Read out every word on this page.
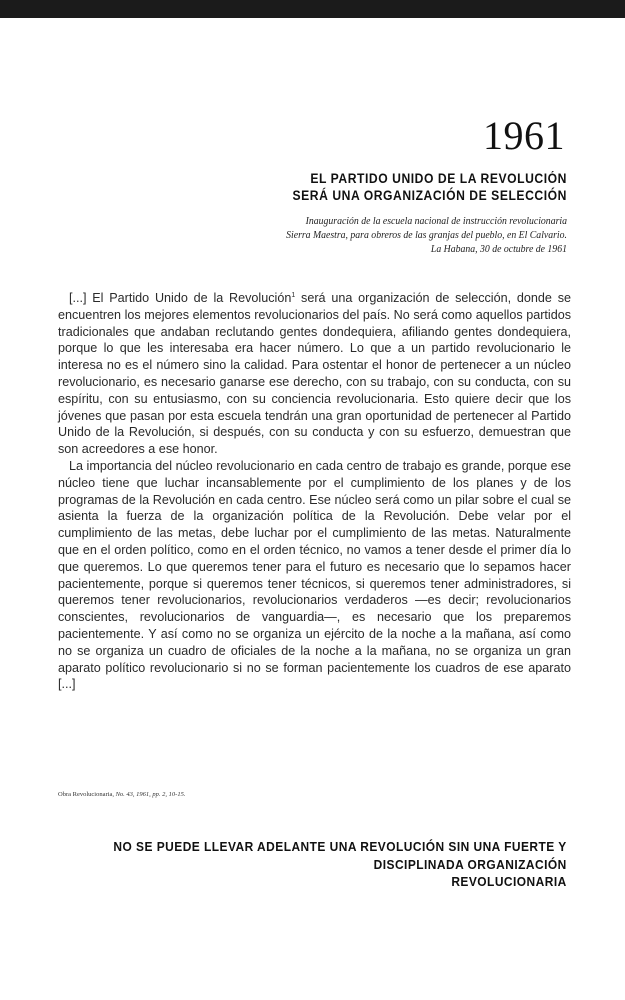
1961
EL PARTIDO UNIDO DE LA REVOLUCIÓN
SERÁ UNA ORGANIZACIÓN DE SELECCIÓN
Inauguración de la escuela nacional de instrucción revolucionaria
Sierra Maestra, para obreros de las granjas del pueblo, en El Calvario.
La Habana, 30 de octubre de 1961

[...] El Partido Unido de la Revolución$^1$ será una organización de selección, donde se encuentren los mejores elementos revolucionarios del país. No será como aquellos partidos tradicionales que andaban reclutando gentes dondequiera, afiliando gentes dondequiera, porque lo que les interesaba era hacer número. Lo que a un partido revolucionario le interesa no es el número sino la calidad. Para ostentar el honor de pertenecer a un núcleo revolucionario, es necesario ganarse ese derecho, con su trabajo, con su conducta, con su espíritu, con su entusiasmo, con su conciencia revolucionaria. Esto quiere decir que los jóvenes que pasan por esta escuela tendrán una gran oportunidad de pertenecer al Partido Unido de la Revolución, si después, con su conducta y con su esfuerzo, demuestran que son acreedores a ese honor.

La importancia del núcleo revolucionario en cada centro de trabajo es grande, porque ese núcleo tiene que luchar incansablemente por el cumplimiento de los planes y de los programas de la Revolución en cada centro. Ese núcleo será como un pilar sobre el cual se asienta la fuerza de la organización política de la Revolución. Debe velar por el cumplimiento de las metas, debe luchar por el cumplimiento de las metas. Naturalmente que en el orden político, como en el orden técnico, no vamos a tener desde el primer día lo que queremos. Lo que queremos tener para el futuro es necesario que lo sepamos hacer pacientemente, porque si queremos tener técnicos, si queremos tener administradores, si queremos tener revolucionarios, revolucionarios verdaderos —es decir; revolucionarios conscientes, revolucionarios de vanguardia—, es necesario que los preparemos pacientemente. Y así como no se organiza un ejército de la noche a la mañana, así como no se organiza un cuadro de oficiales de la noche a la mañana, no se organiza un gran aparato político revolucionario si no se forman pacientemente los cuadros de ese aparato [...]

Obra Revolucionaria, No. 43, 1961, pp. 2, 10-15.
NO SE PUEDE LLEVAR ADELANTE UNA REVOLUCIÓN SIN UNA FUERTE Y
DISCIPLINADA ORGANIZACIÓN
REVOLUCIONARIA
